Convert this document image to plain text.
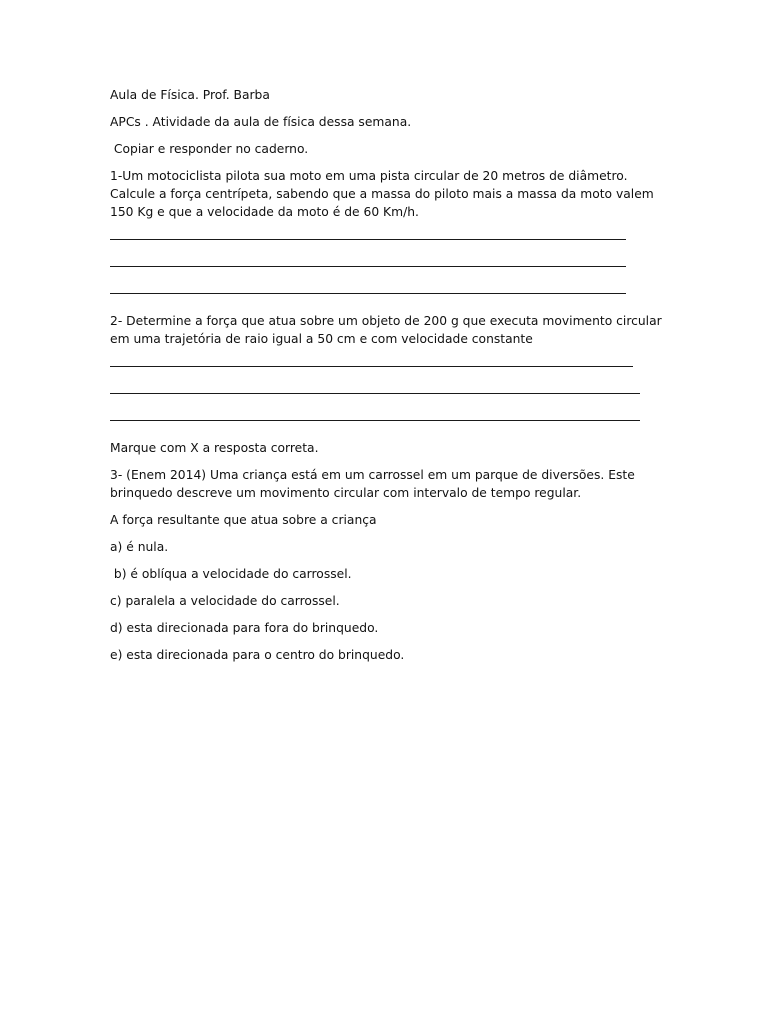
Aula de Física. Prof. Barba

APCs . Atividade da aula de física dessa semana.

Copiar e responder no caderno.

1-Um motociclista pilota sua moto em uma pista circular de 20 metros de diâmetro. Calcule a força centrípeta, sabendo que a massa do piloto mais a massa da moto valem 150 Kg e que a velocidade da moto é de 60 Km/h.

2- Determine a força que atua sobre um objeto de 200 g que executa movimento circular em uma trajetória de raio igual a 50 cm e com velocidade constante

Marque com X a resposta correta.

3- (Enem 2014) Uma criança está em um carrossel em um parque de diversões. Este brinquedo descreve um movimento circular com intervalo de tempo regular.

A força resultante que atua sobre a criança

a) é nula.

b) é oblíqua a velocidade do carrossel.

c) paralela a velocidade do carrossel.

d) esta direcionada para fora do brinquedo.

e) esta direcionada para o centro do brinquedo.
